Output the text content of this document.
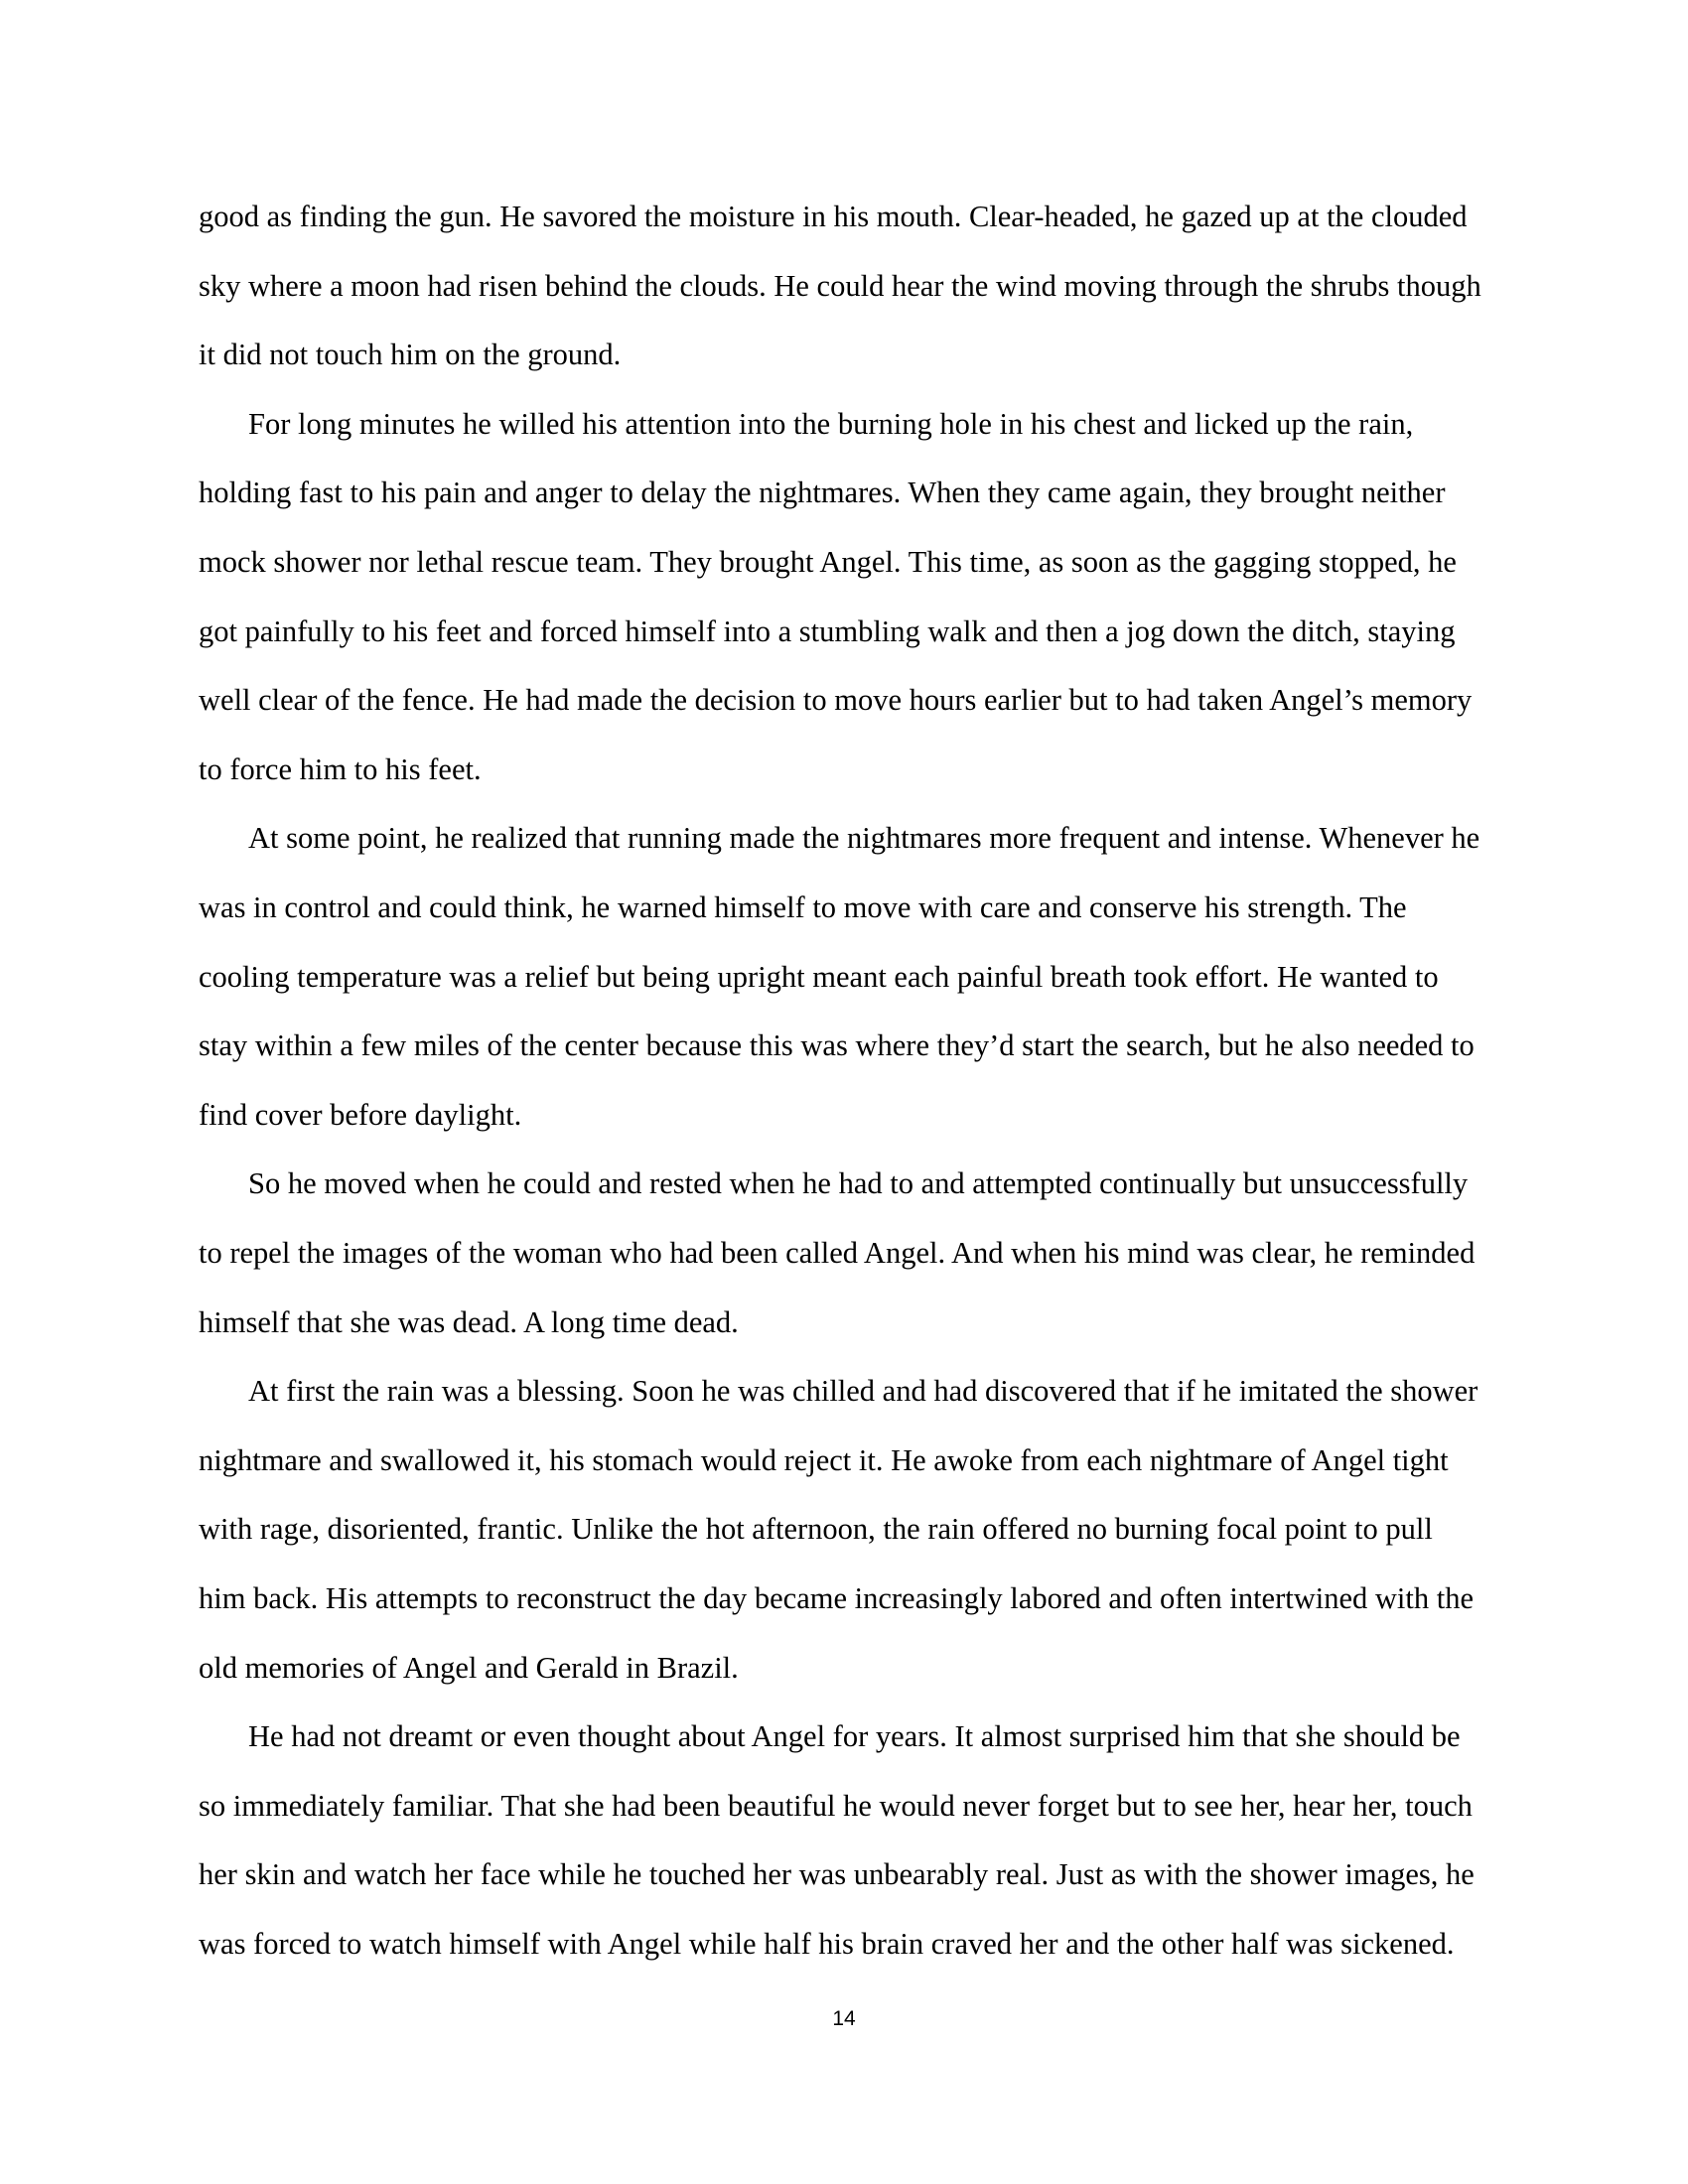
good as finding the gun. He savored the moisture in his mouth. Clear-headed, he gazed up at the clouded
sky where a moon had risen behind the clouds. He could hear the wind moving through the shrubs though
it did not touch him on the ground.
For long minutes he willed his attention into the burning hole in his chest and licked up the rain,
holding fast to his pain and anger to delay the nightmares. When they came again, they brought neither
mock shower nor lethal rescue team. They brought Angel. This time, as soon as the gagging stopped, he
got painfully to his feet and forced himself into a stumbling walk and then a jog down the ditch, staying
well clear of the fence. He had made the decision to move hours earlier but to had taken Angel’s memory
to force him to his feet.
At some point, he realized that running made the nightmares more frequent and intense. Whenever he
was in control and could think, he warned himself to move with care and conserve his strength. The
cooling temperature was a relief but being upright meant each painful breath took effort. He wanted to
stay within a few miles of the center because this was where they’d start the search, but he also needed to
find cover before daylight.
So he moved when he could and rested when he had to and attempted continually but unsuccessfully
to repel the images of the woman who had been called Angel. And when his mind was clear, he reminded
himself that she was dead. A long time dead.
At first the rain was a blessing. Soon he was chilled and had discovered that if he imitated the shower
nightmare and swallowed it, his stomach would reject it. He awoke from each nightmare of Angel tight
with rage, disoriented, frantic. Unlike the hot afternoon, the rain offered no burning focal point to pull
him back. His attempts to reconstruct the day became increasingly labored and often intertwined with the
old memories of Angel and Gerald in Brazil.
He had not dreamt or even thought about Angel for years. It almost surprised him that she should be
so immediately familiar. That she had been beautiful he would never forget but to see her, hear her, touch
her skin and watch her face while he touched her was unbearably real. Just as with the shower images, he
was forced to watch himself with Angel while half his brain craved her and the other half was sickened.
14
